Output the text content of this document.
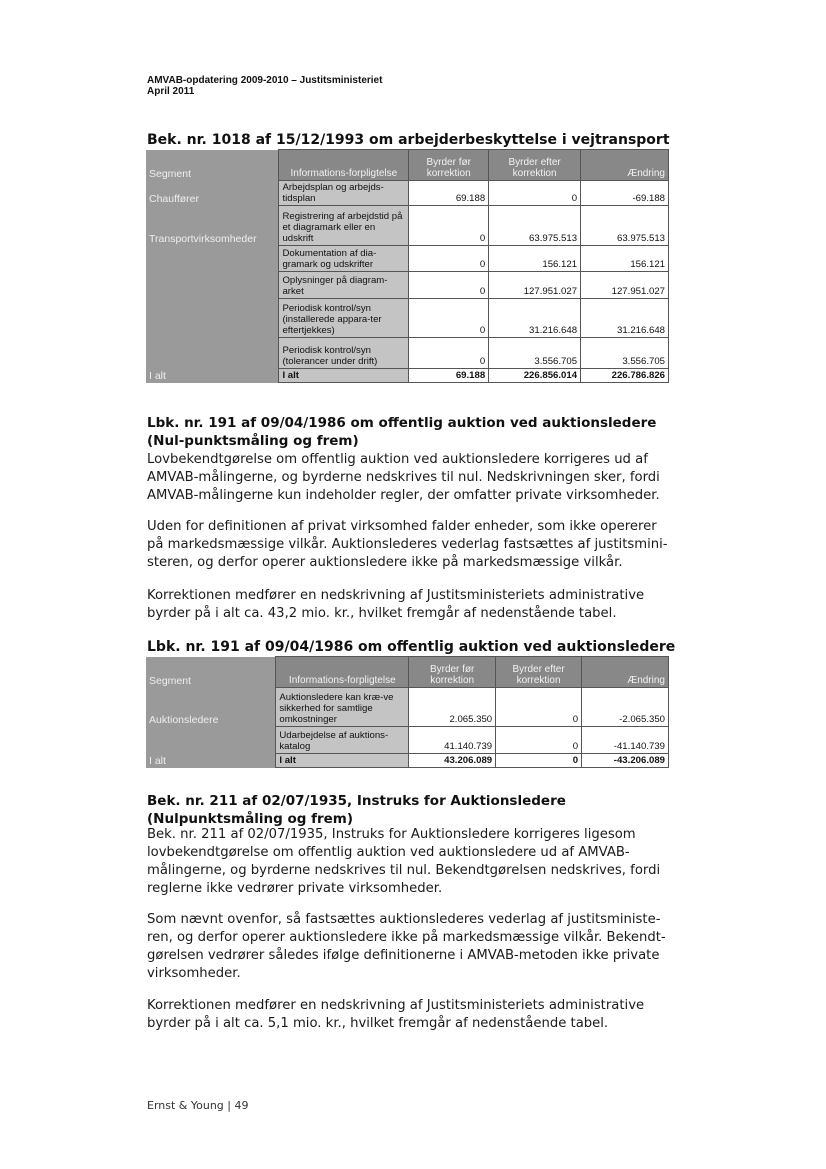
AMVAB-opdatering 2009-2010 – Justitsministeriet
April 2011
Bek. nr. 1018 af 15/12/1993 om arbejderbeskyttelse i vejtransport
Segment	Informations-forpligtelse	Byrder før korrektion	Byrder efter korrektion	Ændring
Chauffører	Arbejdsplan og arbejds-tidsplan	69.188	0	-69.188
Transportvirksomheder	Registrering af arbejdstid på et diagramark eller en udskrift	0	63.975.513	63.975.513
	Dokumentation af dia-gramark og udskrifter	0	156.121	156.121
	Oplysninger på diagram-arket	0	127.951.027	127.951.027
	Periodisk kontrol/syn (installerede appara-ter eftertjekkes)	0	31.216.648	31.216.648
	Periodisk kontrol/syn (tolerancer under drift)	0	3.556.705	3.556.705
I alt	I alt	69.188	226.856.014	226.786.826
Lbk. nr. 191 af 09/04/1986 om offentlig auktion ved auktionsledere (Nul-punktsmåling og frem)
Lovbekendtgørelse om offentlig auktion ved auktionsledere korrigeres ud af AMVAB-målingerne, og byrderne nedskrives til nul. Nedskrivningen sker, fordi AMVAB-målingerne kun indeholder regler, der omfatter private virksomheder.
Uden for definitionen af privat virksomhed falder enheder, som ikke opererer på markedsmæssige vilkår. Auktionslederes vederlag fastsættes af justitsmini-steren, og derfor operer auktionsledere ikke på markedsmæssige vilkår.
Korrektionen medfører en nedskrivning af Justitsministeriets administrative byrder på i alt ca. 43,2 mio. kr., hvilket fremgår af nedenstående tabel.
Lbk. nr. 191 af 09/04/1986 om offentlig auktion ved auktionsledere
Segment	Informations-forpligtelse	Byrder før korrektion	Byrder efter korrektion	Ændring
Auktionsledere	Auktionsledere kan kræ-ve sikkerhed for samtlige omkostninger	2.065.350	0	-2.065.350
	Udarbejdelse af auktions-katalog	41.140.739	0	-41.140.739
I alt	I alt	43.206.089	0	-43.206.089
Bek. nr. 211 af 02/07/1935, Instruks for Auktionsledere (Nulpunktsmåling og frem)
Bek. nr. 211 af 02/07/1935, Instruks for Auktionsledere korrigeres ligesom lovbekendtgørelse om offentlig auktion ved auktionsledere ud af AMVAB-målingerne, og byrderne nedskrives til nul. Bekendtgørelsen nedskrives, fordi reglerne ikke vedrører private virksomheder.
Som nævnt ovenfor, så fastsættes auktionslederes vederlag af justitsministe-ren, og derfor operer auktionsledere ikke på markedsmæssige vilkår. Bekendt-gørelsen vedrører således ifølge definitionerne i AMVAB-metoden ikke private virksomheder.
Korrektionen medfører en nedskrivning af Justitsministeriets administrative byrder på i alt ca. 5,1 mio. kr., hvilket fremgår af nedenstående tabel.
Ernst & Young | 49
